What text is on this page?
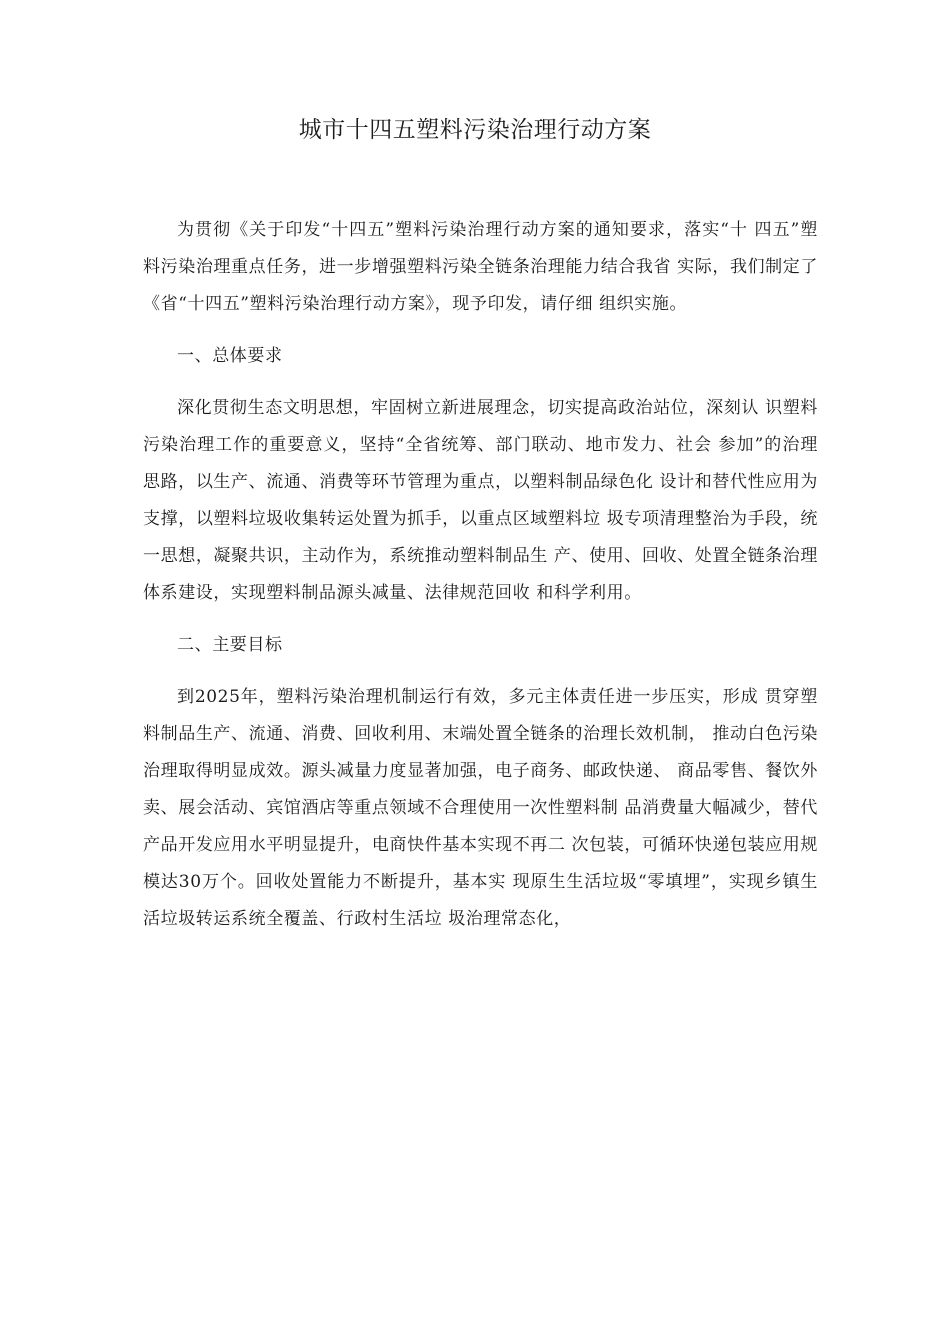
城市十四五塑料污染治理行动方案

为贯彻《关于印发“十四五”塑料污染治理行动方案的通知要求，落实“十 四五”塑料污染治理重点任务，进一步增强塑料污染全链条治理能力结合我省 实际，我们制定了《省“十四五”塑料污染治理行动方案》，现予印发，请仔细 组织实施。

一、总体要求

深化贯彻生态文明思想，牢固树立新进展理念，切实提高政治站位，深刻认 识塑料污染治理工作的重要意义，坚持“全省统筹、部门联动、地市发力、社会 参加”的治理思路，以生产、流通、消费等环节管理为重点，以塑料制品绿色化 设计和替代性应用为支撑，以塑料垃圾收集转运处置为抓手，以重点区域塑料垃 圾专项清理整治为手段，统一思想，凝聚共识，主动作为，系统推动塑料制品生 产、使用、回收、处置全链条治理体系建设，实现塑料制品源头减量、法律规范回收 和科学利用。

二、主要目标

到2025年，塑料污染治理机制运行有效，多元主体责任进一步压实，形成 贯穿塑料制品生产、流通、消费、回收利用、末端处置全链条的治理长效机制， 推动白色污染治理取得明显成效。源头减量力度显著加强，电子商务、邮政快递、 商品零售、餐饮外卖、展会活动、宾馆酒店等重点领域不合理使用一次性塑料制 品消费量大幅减少，替代产品开发应用水平明显提升，电商快件基本实现不再二 次包装，可循环快递包装应用规模达30万个。回收处置能力不断提升，基本实 现原生生活垃圾“零填埋”，实现乡镇生活垃圾转运系统全覆盖、行政村生活垃 圾治理常态化，
